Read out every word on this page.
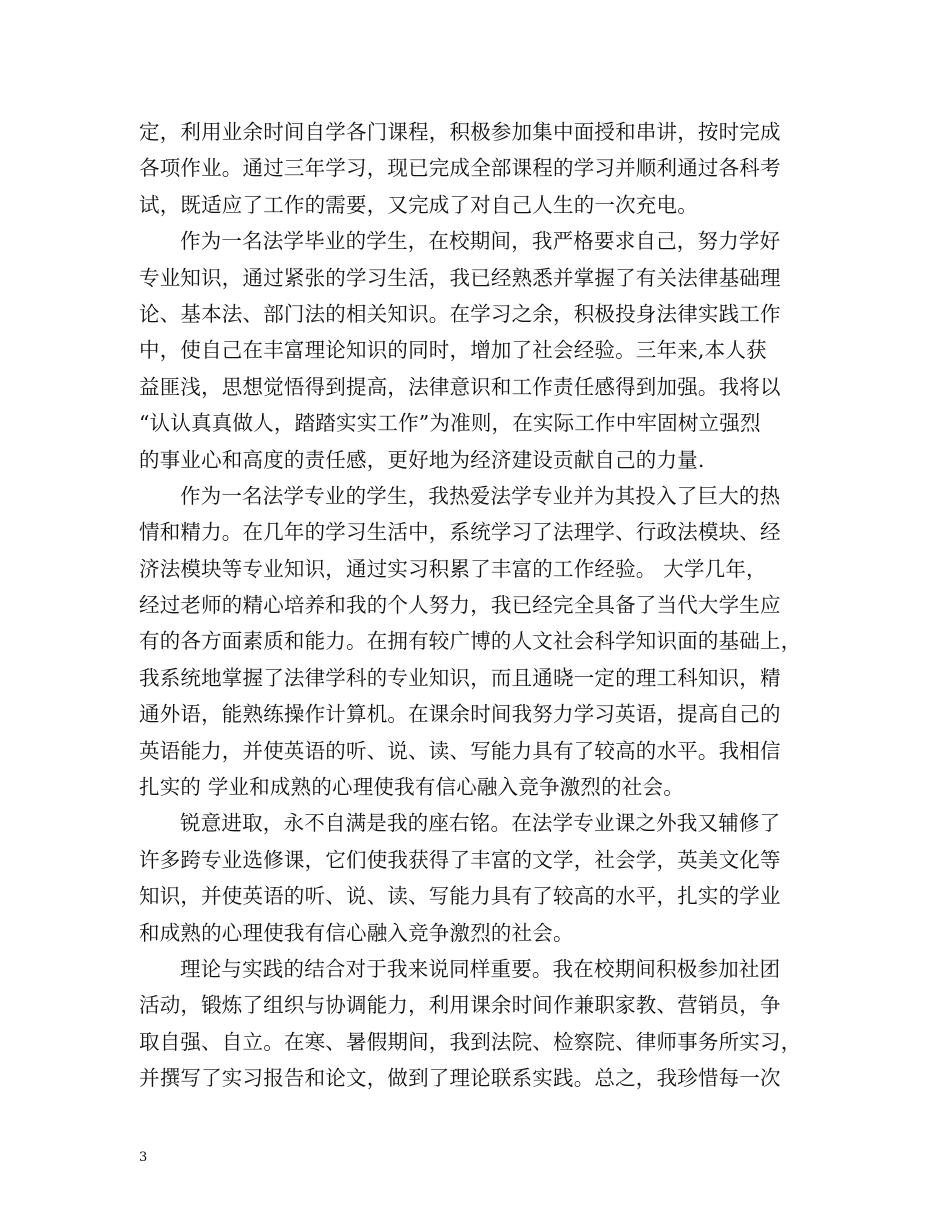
定，利用业余时间自学各门课程，积极参加集中面授和串讲，按时完成
各项作业。通过三年学习，现已完成全部课程的学习并顺利通过各科考
试，既适应了工作的需要，又完成了对自己人生的一次充电。
作为一名法学毕业的学生，在校期间，我严格要求自己，努力学好
专业知识，通过紧张的学习生活，我已经熟悉并掌握了有关法律基础理
论、基本法、部门法的相关知识。在学习之余，积极投身法律实践工作
中，使自己在丰富理论知识的同时，增加了社会经验。三年来,本人获
益匪浅，思想觉悟得到提高，法律意识和工作责任感得到加强。我将以
“认认真真做人，踏踏实实工作”为准则，在实际工作中牢固树立强烈
的事业心和高度的责任感，更好地为经济建设贡献自己的力量.
作为一名法学专业的学生，我热爱法学专业并为其投入了巨大的热
情和精力。在几年的学习生活中，系统学习了法理学、行政法模块、经
济法模块等专业知识，通过实习积累了丰富的工作经验。 大学几年，
经过老师的精心培养和我的个人努力，我已经完全具备了当代大学生应
有的各方面素质和能力。在拥有较广博的人文社会科学知识面的基础上，
我系统地掌握了法律学科的专业知识，而且通晓一定的理工科知识，精
通外语，能熟练操作计算机。在课余时间我努力学习英语，提高自己的
英语能力，并使英语的听、说、读、写能力具有了较高的水平。我相信
扎实的 学业和成熟的心理使我有信心融入竞争激烈的社会。
锐意进取，永不自满是我的座右铭。在法学专业课之外我又辅修了
许多跨专业选修课，它们使我获得了丰富的文学，社会学，英美文化等
知识，并使英语的听、说、读、写能力具有了较高的水平，扎实的学业
和成熟的心理使我有信心融入竞争激烈的社会。
理论与实践的结合对于我来说同样重要。我在校期间积极参加社团
活动，锻炼了组织与协调能力，利用课余时间作兼职家教、营销员，争
取自强、自立。在寒、暑假期间，我到法院、检察院、律师事务所实习，
并撰写了实习报告和论文，做到了理论联系实践。总之，我珍惜每一次
3
